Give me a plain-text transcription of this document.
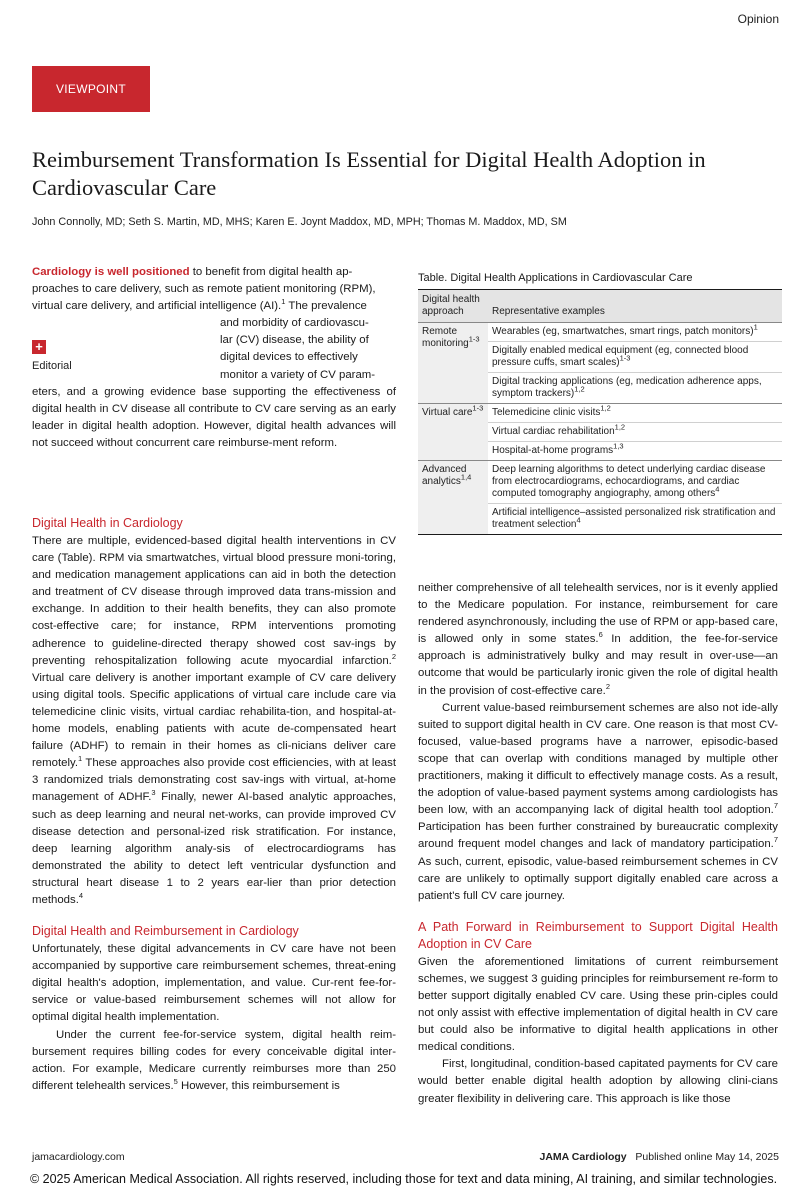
Opinion
VIEWPOINT
Reimbursement Transformation Is Essential for Digital Health Adoption in Cardiovascular Care
John Connolly, MD; Seth S. Martin, MD, MHS; Karen E. Joynt Maddox, MD, MPH; Thomas M. Maddox, MD, SM

Cardiology is well positioned to benefit from digital health ap-

proaches to care delivery, such as remote patient monitoring (RPM),

virtual care delivery, and artificial intelligence (AI).$^1$ The prevalence

and morbidity of cardiovascu-

lar (CV) disease, the ability of

digital devices to effectively

monitor a variety of CV param-

eters, and a growing evidence base supporting the effectiveness of digital health in CV disease all contribute to CV care serving as an early leader in digital health adoption. However, digital health advances will not succeed without concurrent care reimburse-ment reform.

+
Editorial
Digital Health in Cardiology

There are multiple, evidenced-based digital health interventions in CV care (Table). RPM via smartwatches, virtual blood pressure moni-toring, and medication management applications can aid in both the detection and treatment of CV disease through improved data trans-mission and exchange. In addition to their health benefits, they can also promote cost-effective care; for instance, RPM interventions promoting adherence to guideline-directed therapy showed cost sav-ings by preventing rehospitalization following acute myocardial infarction.$^2$ Virtual care delivery is another important example of CV care delivery using digital tools. Specific applications of virtual care include care via telemedicine clinic visits, virtual cardiac rehabilita-tion, and hospital-at-home models, enabling patients with acute de-compensated heart failure (ADHF) to remain in their homes as cli-nicians deliver care remotely.$^1$ These approaches also provide cost efficiencies, with at least 3 randomized trials demonstrating cost sav-ings with virtual, at-home management of ADHF.$^3$ Finally, newer AI-based analytic approaches, such as deep learning and neural net-works, can provide improved CV disease detection and personal-ized risk stratification. For instance, deep learning algorithm analy-sis of electrocardiograms has demonstrated the ability to detect left ventricular dysfunction and structural heart disease 1 to 2 years ear-lier than prior detection methods.$^4$

Digital Health and Reimbursement in Cardiology

Unfortunately, these digital advancements in CV care have not been accompanied by supportive care reimbursement schemes, threat-ening digital health's adoption, implementation, and value. Cur-rent fee-for-service or value-based reimbursement schemes will not allow for optimal digital health implementation.

Under the current fee-for-service system, digital health reim-bursement requires billing codes for every conceivable digital inter-action. For example, Medicare currently reimburses more than 250 different telehealth services.$^5$ However, this reimbursement is

Table. Digital Health Applications in Cardiovascular Care
Digital health approach	Representative examples
Remote monitoring$^{1-3}$	Wearables (eg, smartwatches, smart rings, patch monitors)$^1$
	Digitally enabled medical equipment (eg, connected blood pressure cuffs, smart scales)$^{1-3}$
	Digital tracking applications (eg, medication adherence apps, symptom trackers)$^{1,2}$
Virtual care$^{1-3}$	Telemedicine clinic visits$^{1,2}$
	Virtual cardiac rehabilitation$^{1,2}$
	Hospital-at-home programs$^{1,3}$
Advanced analytics$^{1,4}$	Deep learning algorithms to detect underlying cardiac disease from electrocardiograms, echocardiograms, and cardiac computed tomography angiography, among others$^4$
	Artificial intelligence–assisted personalized risk stratification and treatment selection$^4$

neither comprehensive of all telehealth services, nor is it evenly applied to the Medicare population. For instance, reimbursement for care rendered asynchronously, including the use of RPM or app-based care, is allowed only in some states.$^6$ In addition, the fee-for-service approach is administratively bulky and may result in over-use—an outcome that would be particularly ironic given the role of digital health in the provision of cost-effective care.$^2$

Current value-based reimbursement schemes are also not ide-ally suited to support digital health in CV care. One reason is that most CV-focused, value-based programs have a narrower, episodic-based scope that can overlap with conditions managed by multiple other practitioners, making it difficult to effectively manage costs. As a result, the adoption of value-based payment systems among cardiologists has been low, with an accompanying lack of digital health tool adoption.$^7$ Participation has been further constrained by bureaucratic complexity around frequent model changes and lack of mandatory participation.$^7$ As such, current, episodic, value-based reimbursement schemes in CV care are unlikely to optimally support digitally enabled care across a patient's full CV care journey.

A Path Forward in Reimbursement to Support Digital Health Adoption in CV Care

Given the aforementioned limitations of current reimbursement schemes, we suggest 3 guiding principles for reimbursement re-form to better support digitally enabled CV care. Using these prin-ciples could not only assist with effective implementation of digital health in CV care but could also be informative to digital health applications in other medical conditions.

First, longitudinal, condition-based capitated payments for CV care would better enable digital health adoption by allowing clini-cians greater flexibility in delivering care. This approach is like those

jamacardiology.com	JAMA Cardiology Published online May 14, 2025
© 2025 American Medical Association. All rights reserved, including those for text and data mining, AI training, and similar technologies.
